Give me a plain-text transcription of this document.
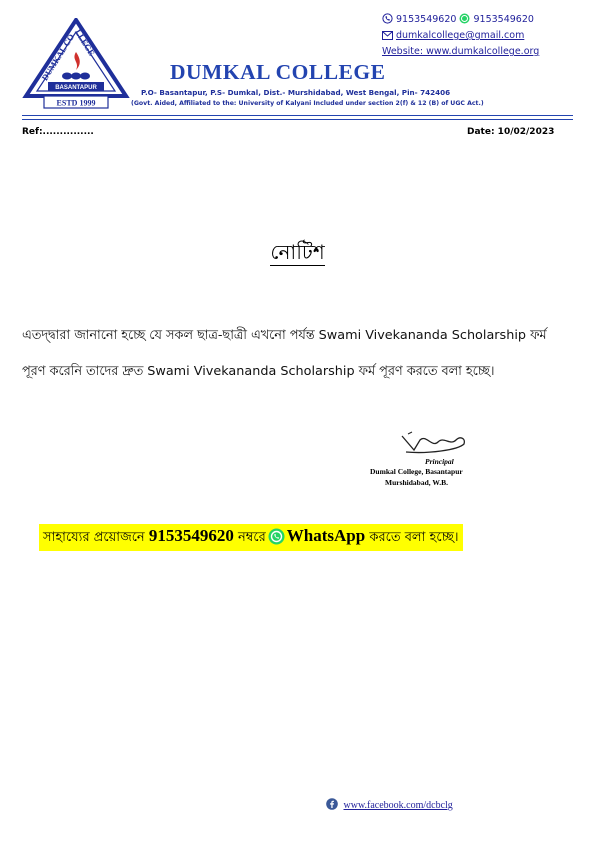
DUMKAL COLLEGE
BASANTAPUR
ESTD 1999
9153549620 9153549620
dumkalcollege@gmail.com
Website: www.dumkalcollege.org
DUMKAL COLLEGE
P.O- Basantapur, P.S- Dumkal, Dist.- Murshidabad, West Bengal, Pin- 742406
(Govt. Aided, Affiliated to the: University of Kalyani Included under section 2(f) & 12 (B) of UGC Act.)
Ref:...............	Date: 10/02/2023
নোটিশ
এতদ্দ্বারা জানানো হচ্ছে যে সকল ছাত্র-ছাত্রী এখনো পর্যন্ত Swami Vivekananda Scholarship ফর্ম পূরণ করেনি তাদের দ্রুত Swami Vivekananda Scholarship ফর্ম পূরণ করতে বলা হচ্ছে।
Principal
Dumkal College, Basantapur
Murshidabad, W.B.
সাহায্যের প্রয়োজনে 9153549620 নম্বরে WhatsApp করতে বলা হচ্ছে।
www.facebook.com/dcbclg
